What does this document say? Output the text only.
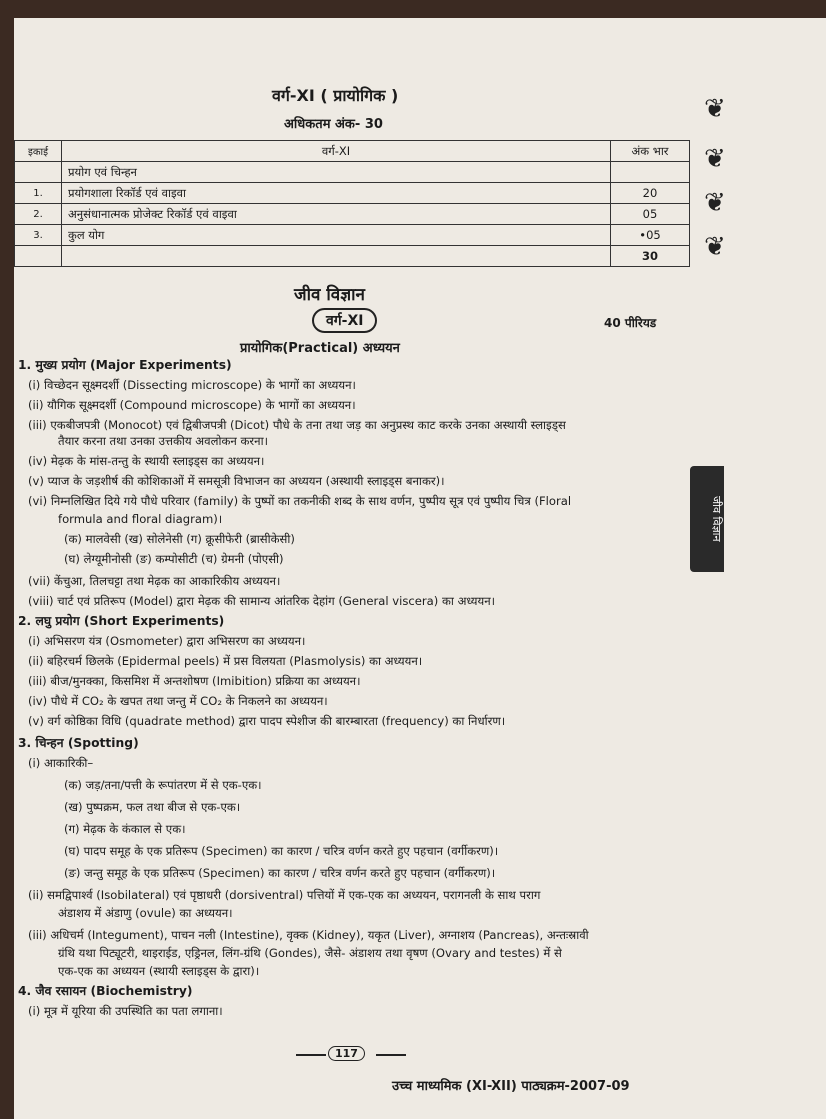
वर्ग-XI ( प्रायोगिक )
अधिकतम अंक- 30
इकाई	वर्ग-XI	अंक भार
	प्रयोग एवं चिन्हन	
1.	प्रयोगशाला रिकॉर्ड एवं वाइवा	20
2.	अनुसंधानात्मक प्रोजेक्ट रिकॉर्ड एवं वाइवा	05
3.	कुल योग	•05
		30
❦
❦
❦
❦
जीव विज्ञान
वर्ग-XI	40 पीरियड
प्रायोगिक(Practical) अध्ययन
जीव विज्ञान
1. मुख्य प्रयोग (Major Experiments)
(i) विच्छेदन सूक्ष्मदर्शी (Dissecting microscope) के भागों का अध्ययन।
(ii) यौगिक सूक्ष्मदर्शी (Compound microscope) के भागों का अध्ययन।
(iii) एकबीजपत्री (Monocot) एवं द्विबीजपत्री (Dicot) पौधे के तना तथा जड़ का अनुप्रस्थ काट करके उनका अस्थायी स्लाइड्स
तैयार करना तथा उनका उत्तकीय अवलोकन करना।
(iv) मेढ़क के मांस-तन्तु के स्थायी स्लाइड्स का अध्ययन।
(v) प्याज के जड़शीर्ष की कोशिकाओं में समसूत्री विभाजन का अध्ययन (अस्थायी स्लाइड्स बनाकर)।
(vi) निम्नलिखित दिये गये पौधे परिवार (family) के पुष्पों का तकनीकी शब्द के साथ वर्णन, पुष्पीय सूत्र एवं पुष्पीय चित्र (Floral
formula and floral diagram)।
(क) मालवेसी (ख) सोलेनेसी (ग) क्रूसीफेरी (ब्रासीकेसी)
(घ) लेग्यूमीनोसी (ङ) कम्पोसीटी (च) ग्रेमनी (पोएसी)
(vii) केंचुआ, तिलचट्टा तथा मेढ़क का आकारिकीय अध्ययन।
(viii) चार्ट एवं प्रतिरूप (Model) द्वारा मेढ़क की सामान्य आंतरिक देहांग (General viscera) का अध्ययन।
2. लघु प्रयोग (Short Experiments)
(i) अभिसरण यंत्र (Osmometer) द्वारा अभिसरण का अध्ययन।
(ii) बहिरचर्म छिलके (Epidermal peels) में प्रस विलयता (Plasmolysis) का अध्ययन।
(iii) बीज/मुनक्का, किसमिश में अन्तशोषण (Imibition) प्रक्रिया का अध्ययन।
(iv) पौधे में CO₂ के खपत तथा जन्तु में CO₂ के निकलने का अध्ययन।
(v) वर्ग कोष्ठिका विधि (quadrate method) द्वारा पादप स्पेशीज की बारम्बारता (frequency) का निर्धारण।
3. चिन्हन (Spotting)
(i) आकारिकी–
(क) जड़/तना/पत्ती के रूपांतरण में से एक-एक।
(ख) पुष्पक्रम, फल तथा बीज से एक-एक।
(ग) मेढ़क के कंकाल से एक।
(घ) पादप समूह के एक प्रतिरूप (Specimen) का कारण / चरित्र वर्णन करते हुए पहचान (वर्गीकरण)।
(ङ) जन्तु समूह के एक प्रतिरूप (Specimen) का कारण / चरित्र वर्णन करते हुए पहचान (वर्गीकरण)।
(ii) समद्विपार्श्व (Isobilateral) एवं पृष्ठाधरी (dorsiventral) पत्तियों में एक-एक का अध्ययन, परागनली के साथ पराग
अंडाशय में अंडाणु (ovule) का अध्ययन।
(iii) अधिचर्म (Integument), पाचन नली (Intestine), वृक्क (Kidney), यकृत (Liver), अग्नाशय (Pancreas), अन्तःस्रावी
ग्रंथि यथा पिट्यूटरी, थाइराईड, एड्रिनल, लिंग-ग्रंथि (Gondes), जैसे- अंडाशय तथा वृषण (Ovary and testes) में से
एक-एक का अध्ययन (स्थायी स्लाइड्स के द्वारा)।
4. जैव रसायन (Biochemistry)
(i) मूत्र में यूरिया की उपस्थिति का पता लगाना।
117
उच्च माध्यमिक (XI-XII) पाठ्यक्रम-2007-09
